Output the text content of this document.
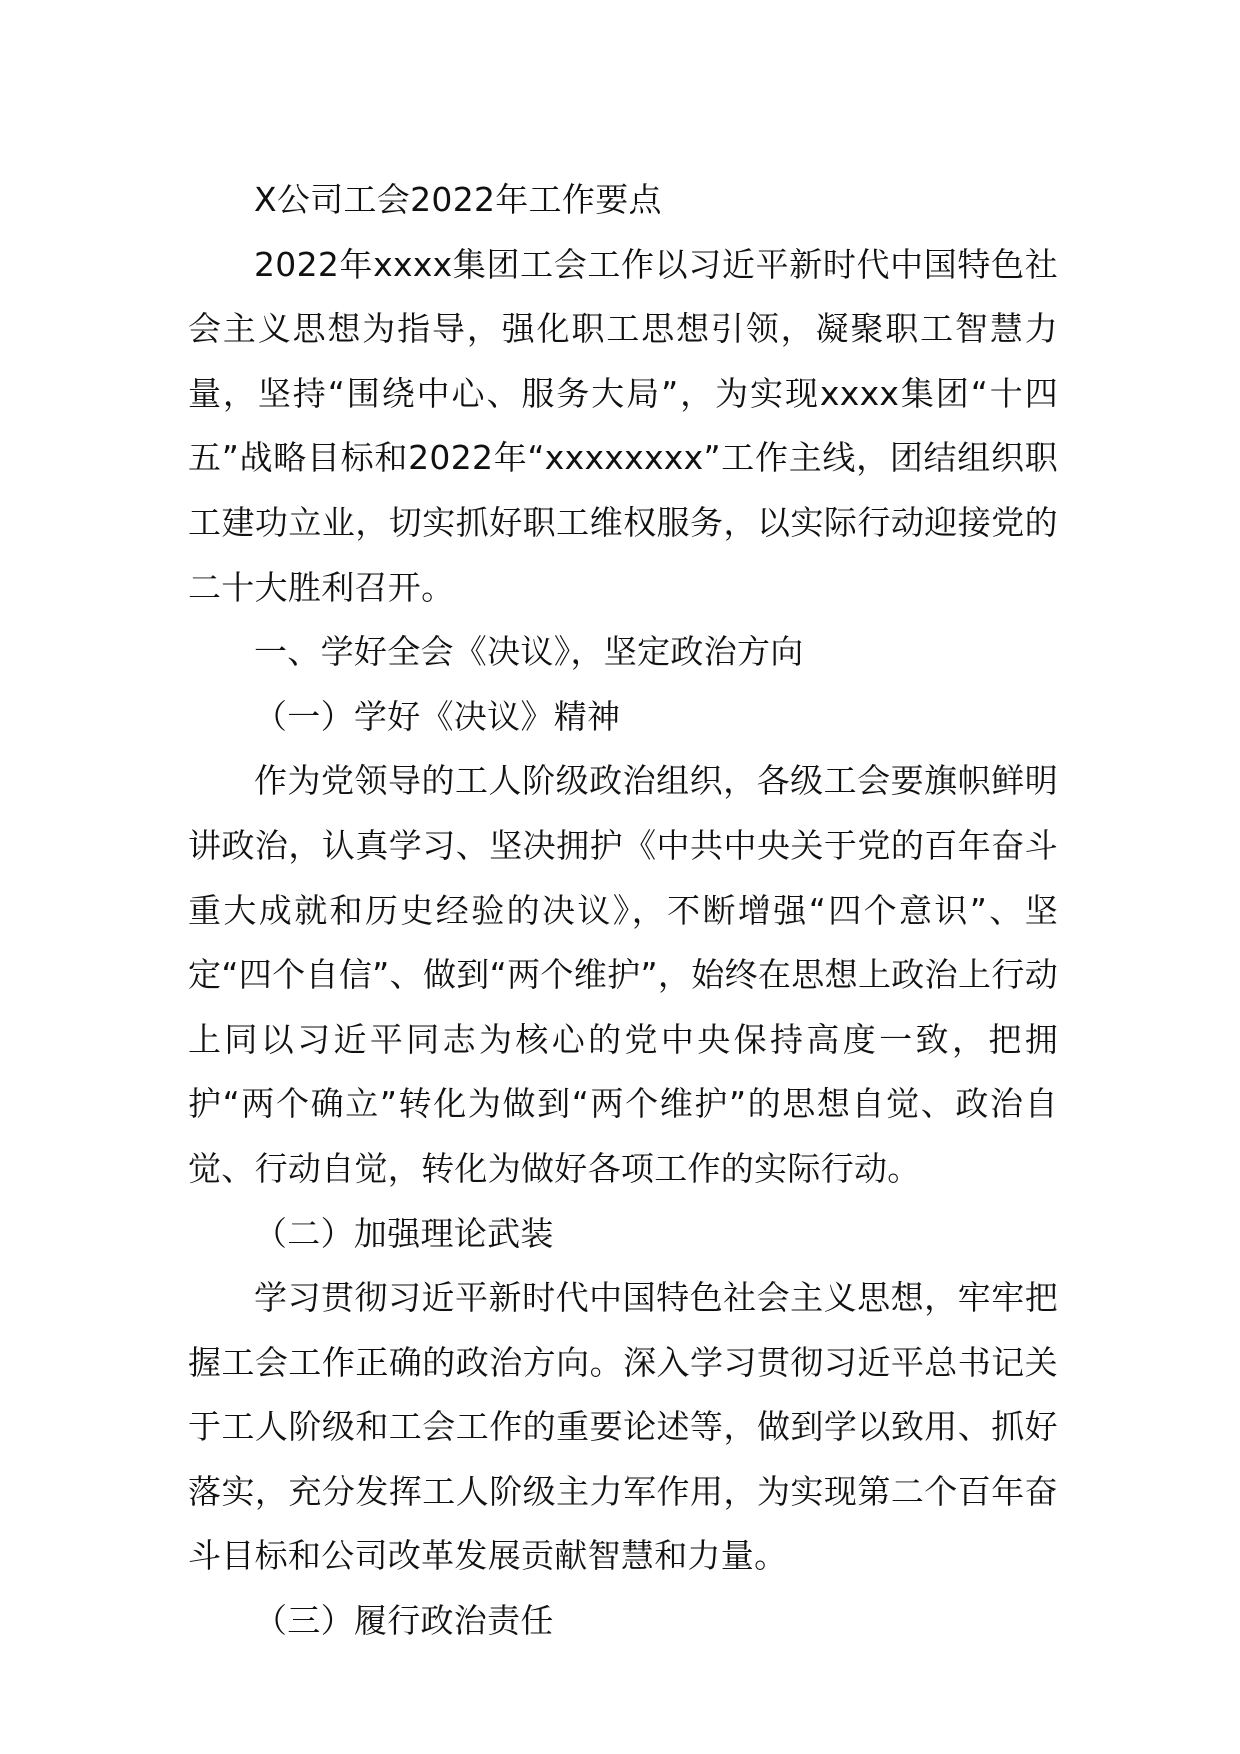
X公司工会2022年工作要点

2022年xxxx集团工会工作以习近平新时代中国特色社会主义思想为指导，强化职工思想引领，凝聚职工智慧力量，坚持“围绕中心、服务大局”，为实现xxxx集团“十四五”战略目标和2022年“xxxxxxxx”工作主线，团结组织职工建功立业，切实抓好职工维权服务，以实际行动迎接党的二十大胜利召开。

一、学好全会《决议》，坚定政治方向

（一）学好《决议》精神

作为党领导的工人阶级政治组织，各级工会要旗帜鲜明讲政治，认真学习、坚决拥护《中共中央关于党的百年奋斗重大成就和历史经验的决议》，不断增强“四个意识”、坚定“四个自信”、做到“两个维护”，始终在思想上政治上行动上同以习近平同志为核心的党中央保持高度一致，把拥护“两个确立”转化为做到“两个维护”的思想自觉、政治自觉、行动自觉，转化为做好各项工作的实际行动。

（二）加强理论武装

学习贯彻习近平新时代中国特色社会主义思想，牢牢把握工会工作正确的政治方向。深入学习贯彻习近平总书记关于工人阶级和工会工作的重要论述等，做到学以致用、抓好落实，充分发挥工人阶级主力军作用，为实现第二个百年奋斗目标和公司改革发展贡献智慧和力量。

（三）履行政治责任
